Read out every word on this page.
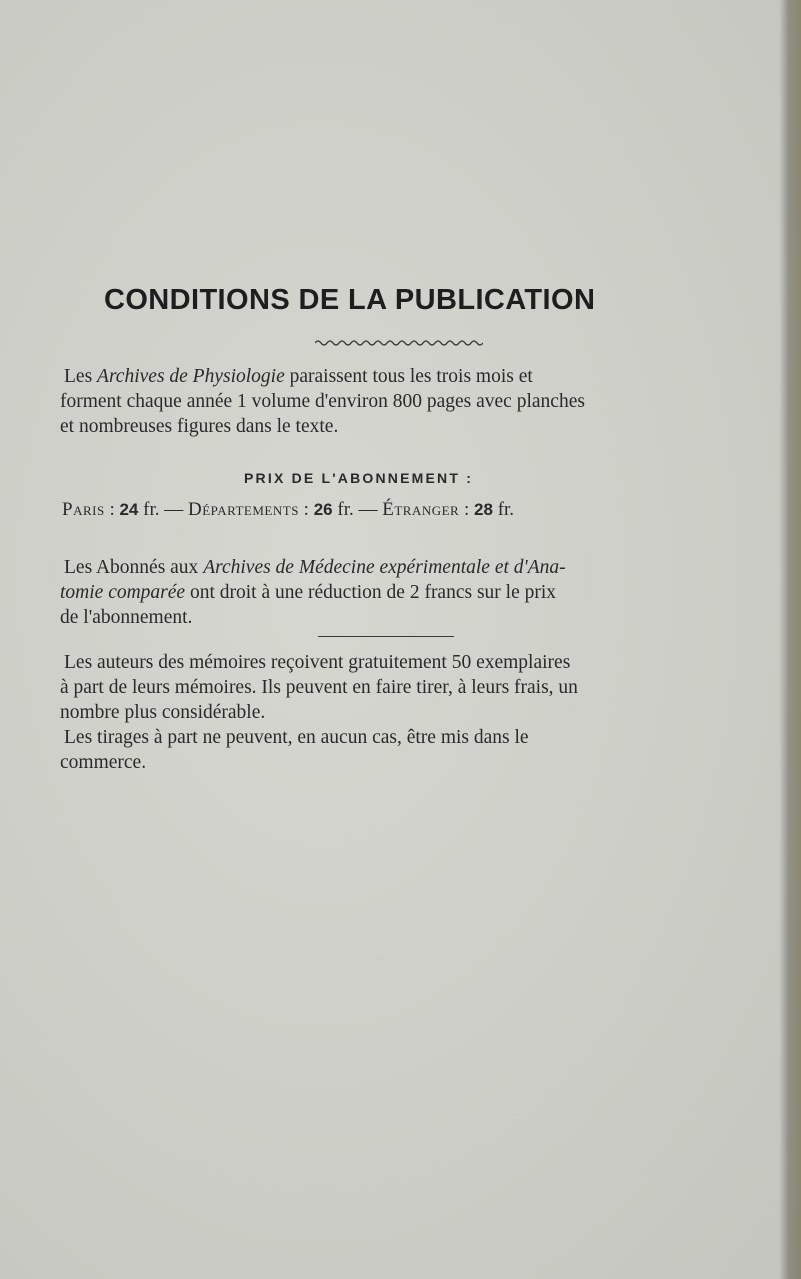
CONDITIONS DE LA PUBLICATION
Les Archives de Physiologie paraissent tous les trois mois et
forment chaque année 1 volume d'environ 800 pages avec planches
et nombreuses figures dans le texte.
PRIX DE L'ABONNEMENT :
Paris : 24 fr. — Départements : 26 fr. — Étranger : 28 fr.
Les Abonnés aux Archives de Médecine expérimentale et d'Ana-
tomie comparée ont droit à une réduction de 2 francs sur le prix
de l'abonnement.
Les auteurs des mémoires reçoivent gratuitement 50 exemplaires
à part de leurs mémoires. Ils peuvent en faire tirer, à leurs frais, un
nombre plus considérable.
Les tirages à part ne peuvent, en aucun cas, être mis dans le
commerce.
